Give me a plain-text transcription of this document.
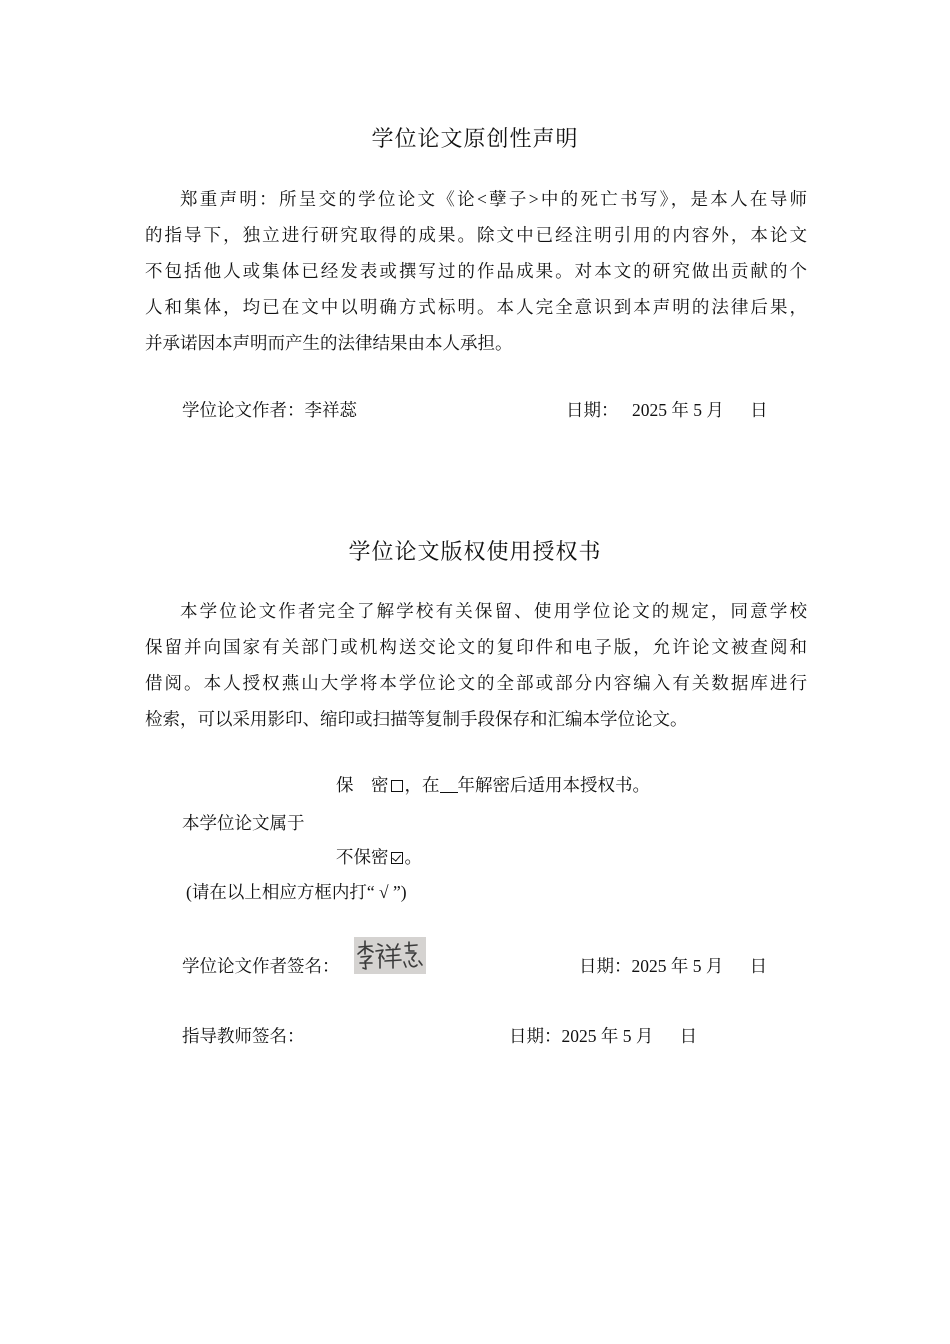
学位论文原创性声明
郑重声明：所呈交的学位论文《论<孽子>中的死亡书写》，是本人在导师
的指导下，独立进行研究取得的成果。除文中已经注明引用的内容外，本论文
不包括他人或集体已经发表或撰写过的作品成果。对本文的研究做出贡献的个
人和集体，均已在文中以明确方式标明。本人完全意识到本声明的法律后果，
并承诺因本声明而产生的法律结果由本人承担。
学位论文作者：李祥蕊	日期： 2025 年 5 月      日
学位论文版权使用授权书
本学位论文作者完全了解学校有关保留、使用学位论文的规定，同意学校
保留并向国家有关部门或机构送交论文的复印件和电子版，允许论文被查阅和
借阅。本人授权燕山大学将本学位论文的全部或部分内容编入有关数据库进行
检索，可以采用影印、缩印或扫描等复制手段保存和汇编本学位论文。
保    密 ，在 年解密后适用本授权书。
本学位论文属于
不保密 。
(请在以上相应方框内打“ √ ”)
学位论文作者签名：	日期：2025 年 5 月      日
指导教师签名：	日期：2025 年 5 月      日
